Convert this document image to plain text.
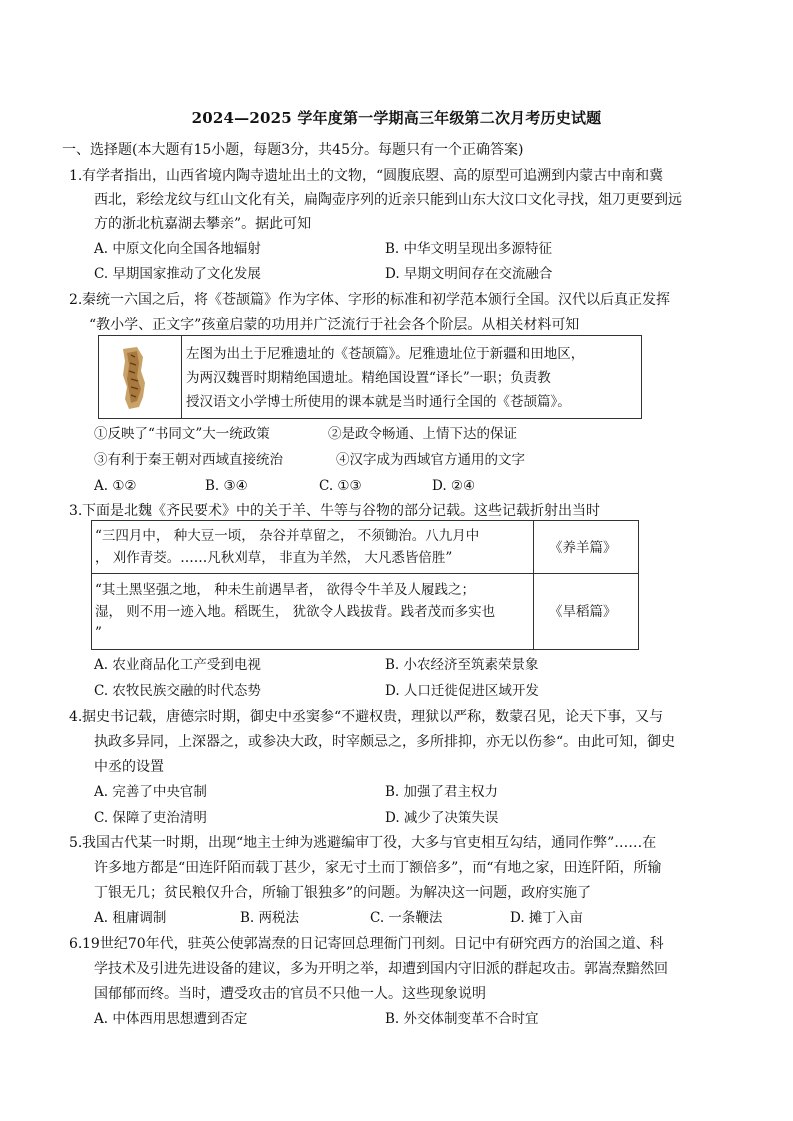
2024—2025 学年度第一学期高三年级第二次月考历史试题
一、选择题(本大题有15小题，每题3分，共45分。每题只有一个正确答案)
1. 有学者指出，山西省境内陶寺遗址出土的文物，“圆腹底曌、高的原型可追溯到内蒙古中南和冀
西北，彩绘龙纹与红山文化有关，扁陶壶序列的近亲只能到山东大汶口文化寻找，俎刀更要到远
方的浙北杭嘉湖去攀亲”。据此可知
A. 中原文化向全国各地辐射	B. 中华文明呈现出多源特征
C. 早期国家推动了文化发展	D. 早期文明间存在交流融合
2. 秦统一六国之后，将《苍颉篇》作为字体、字形的标准和初学范本颁行全国。汉代以后真正发挥
“教小学、正文字”孩童启蒙的功用并广泛流行于社会各个阶层。从相关材料可知
左图为出土于尼雅遗址的《苍颉篇》。尼雅遗址位于新疆和田地区，
为两汉魏晋时期精绝国遗址。精绝国设置“译长”一职；负责教
授汉语文小学博士所使用的课本就是当时通行全国的《苍颉篇》。
①反映了“书同文”大一统政策	②是政令畅通、上情下达的保证
③有利于秦王朝对西域直接统治	④汉字成为西域官方通用的文字
A. ①②	B. ③④	C. ①③	D. ②④
3. 下面是北魏《齐民要术》中的关于羊、牛等与谷物的部分记载。这些记载折射出当时
“三四月中， 种大豆一顷， 杂谷并草留之， 不须锄治。八九月中
， 刈作青茭。……凡秋刈草， 非直为羊然， 大凡悉皆倍胜”
《养羊篇》
“其土黑坚强之地， 种未生前遇旱者， 欲得令牛羊及人履践之；
湿， 则不用一迹入地。稻既生， 犹欲令人践拔背。践者茂而多实也
”
《旱稻篇》
A. 农业商品化工产受到电视	B. 小农经济至筑素荣景象
C. 农牧民族交融的时代态势	D. 人口迁徙促进区域开发
4. 据史书记载，唐德宗时期，御史中丞窦参“不避权贵，理狱以严称，数蒙召见，论天下事，又与
执政多异同，上深器之，或参决大政，时宰颇忌之，多所排抑，亦无以伤参“。由此可知，御史
中丞的设置
A. 完善了中央官制	B. 加强了君主权力
C. 保障了吏治清明	D. 减少了决策失误
5. 我国古代某一时期，出现“地主士绅为逃避编审丁役，大多与官吏相互勾结，通同作弊”……在
许多地方都是“田连阡陌而载丁甚少，家无寸土而丁额倍多”，而“有地之家，田连阡陌，所输
丁银无几；贫民粮仅升合，所输丁银独多”的问题。为解决这一问题，政府实施了
A. 租庸调制	B. 两税法	C. 一条鞭法	D. 摊丁入亩
6. 19世纪70年代，驻英公使郭嵩焘的日记寄回总理衙门刊刻。日记中有研究西方的治国之道、科
学技术及引进先进设备的建议，多为开明之举，却遭到国内守旧派的群起攻击。郭嵩焘黯然回
国郁郁而终。当时，遭受攻击的官员不只他一人。这些现象说明
A. 中体西用思想遭到否定	B. 外交体制变革不合时宜
